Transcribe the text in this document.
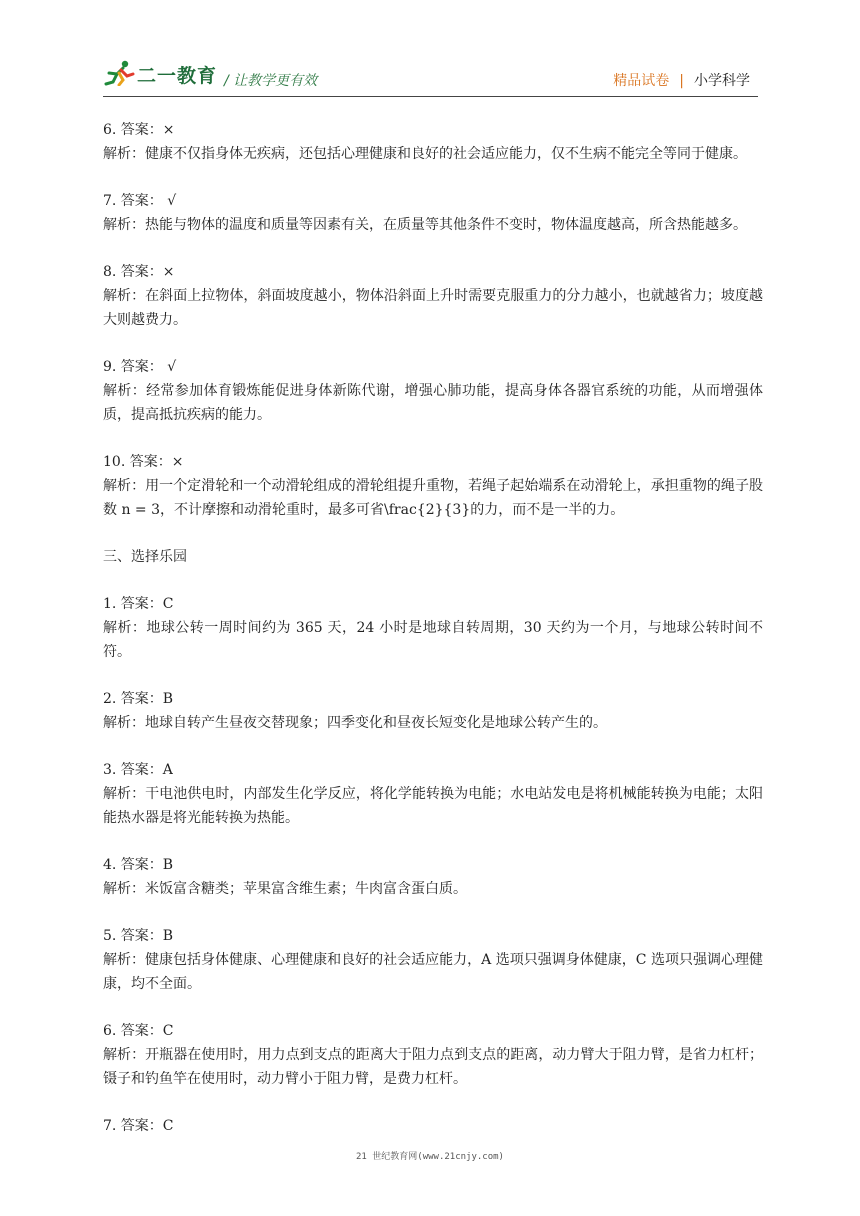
二一教育 / 让教学更有效	精品试卷 | 小学科学

6. 答案：×

解析：健康不仅指身体无疾病，还包括心理健康和良好的社会适应能力，仅不生病不能完全等同于健康。

7. 答案： √

解析：热能与物体的温度和质量等因素有关，在质量等其他条件不变时，物体温度越高，所含热能越多。

8. 答案：×

解析：在斜面上拉物体，斜面坡度越小，物体沿斜面上升时需要克服重力的分力越小，也就越省力；坡度越大则越费力。

9. 答案： √

解析：经常参加体育锻炼能促进身体新陈代谢，增强心肺功能，提高身体各器官系统的功能，从而增强体质，提高抵抗疾病的能力。

10. 答案：×

解析：用一个定滑轮和一个动滑轮组成的滑轮组提升重物，若绳子起始端系在动滑轮上，承担重物的绳子股数 n = 3，不计摩擦和动滑轮重时，最多可省\frac{2}{3}的力，而不是一半的力。

三、选择乐园

1. 答案：C

解析：地球公转一周时间约为 365 天，24 小时是地球自转周期，30 天约为一个月，与地球公转时间不符。

2. 答案：B

解析：地球自转产生昼夜交替现象；四季变化和昼夜长短变化是地球公转产生的。

3. 答案：A

解析：干电池供电时，内部发生化学反应，将化学能转换为电能；水电站发电是将机械能转换为电能；太阳能热水器是将光能转换为热能。

4. 答案：B

解析：米饭富含糖类；苹果富含维生素；牛肉富含蛋白质。

5. 答案：B

解析：健康包括身体健康、心理健康和良好的社会适应能力，A 选项只强调身体健康，C 选项只强调心理健康，均不全面。

6. 答案：C

解析：开瓶器在使用时，用力点到支点的距离大于阻力点到支点的距离，动力臂大于阻力臂，是省力杠杆；镊子和钓鱼竿在使用时，动力臂小于阻力臂，是费力杠杆。

7. 答案：C

21 世纪教育网(www.21cnjy.com)
